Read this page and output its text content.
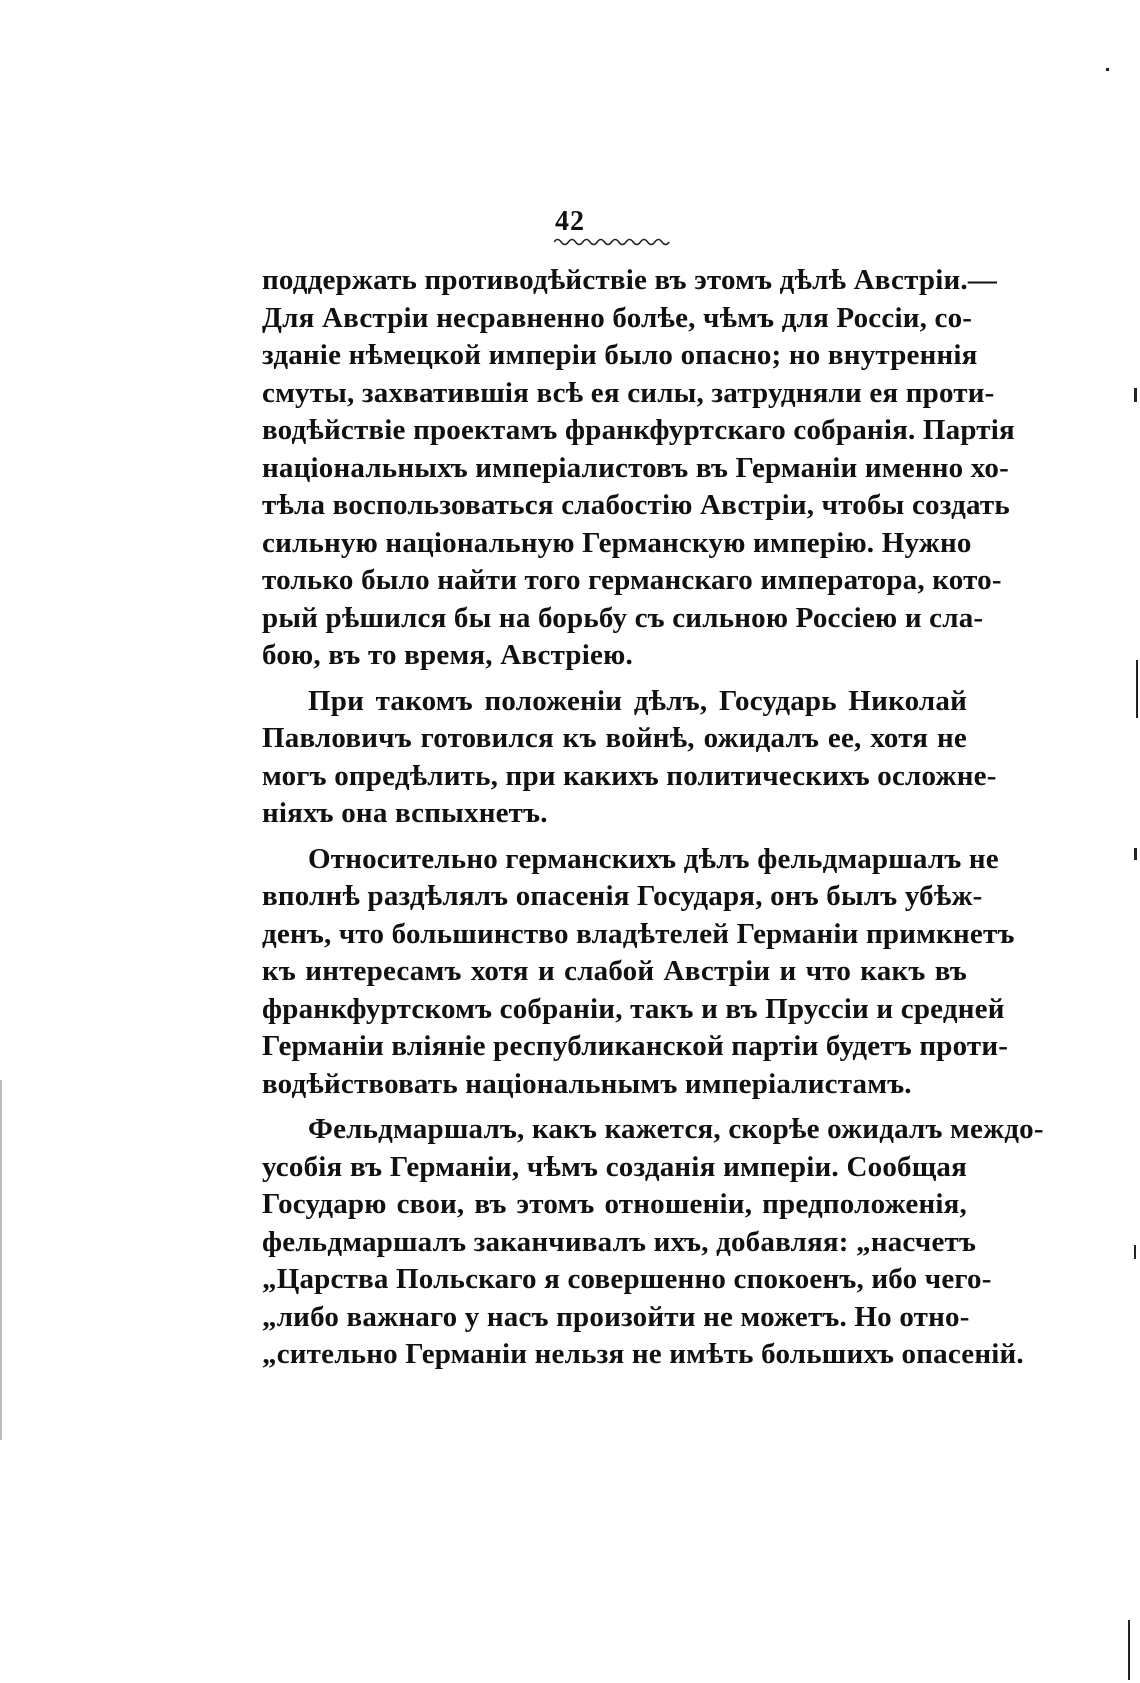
42
поддержать противодѣйствіе въ этомъ дѣлѣ Австріи.—
Для Австріи несравненно болѣе, чѣмъ для Россіи, со-
зданіе нѣмецкой имперіи было опасно; но внутреннія
смуты, захватившія всѣ ея силы, затрудняли ея проти-
водѣйствіе проектамъ франкфуртскаго собранія. Партія
національныхъ имперіалистовъ въ Германіи именно хо-
тѣла воспользоваться слабостію Австріи, чтобы создать
сильную національную Германскую имперію. Нужно
только было найти того германскаго императора, кото-
рый рѣшился бы на борьбу съ сильною Россіею и сла-
бою, въ то время, Австріею.
При такомъ положеніи дѣлъ, Государь Николай
Павловичъ готовился къ войнѣ, ожидалъ ее, хотя не
могъ опредѣлить, при какихъ политическихъ осложне-
ніяхъ она вспыхнетъ.
Относительно германскихъ дѣлъ фельдмаршалъ не
вполнѣ раздѣлялъ опасенія Государя, онъ былъ убѣж-
денъ, что большинство владѣтелей Германіи примкнетъ
къ интересамъ хотя и слабой Австріи и что какъ въ
франкфуртскомъ собраніи, такъ и въ Пруссіи и средней
Германіи вліяніе республиканской партіи будетъ проти-
водѣйствовать національнымъ имперіалистамъ.
Фельдмаршалъ, какъ кажется, скорѣе ожидалъ междо-
усобія въ Германіи, чѣмъ созданія имперіи. Сообщая
Государю свои, въ этомъ отношеніи, предположенія,
фельдмаршалъ заканчивалъ ихъ, добавляя: „насчетъ
„Царства Польскаго я совершенно спокоенъ, ибо чего-
„либо важнаго у насъ произойти не можетъ. Но отно-
„сительно Германіи нельзя не имѣть большихъ опасеній.
